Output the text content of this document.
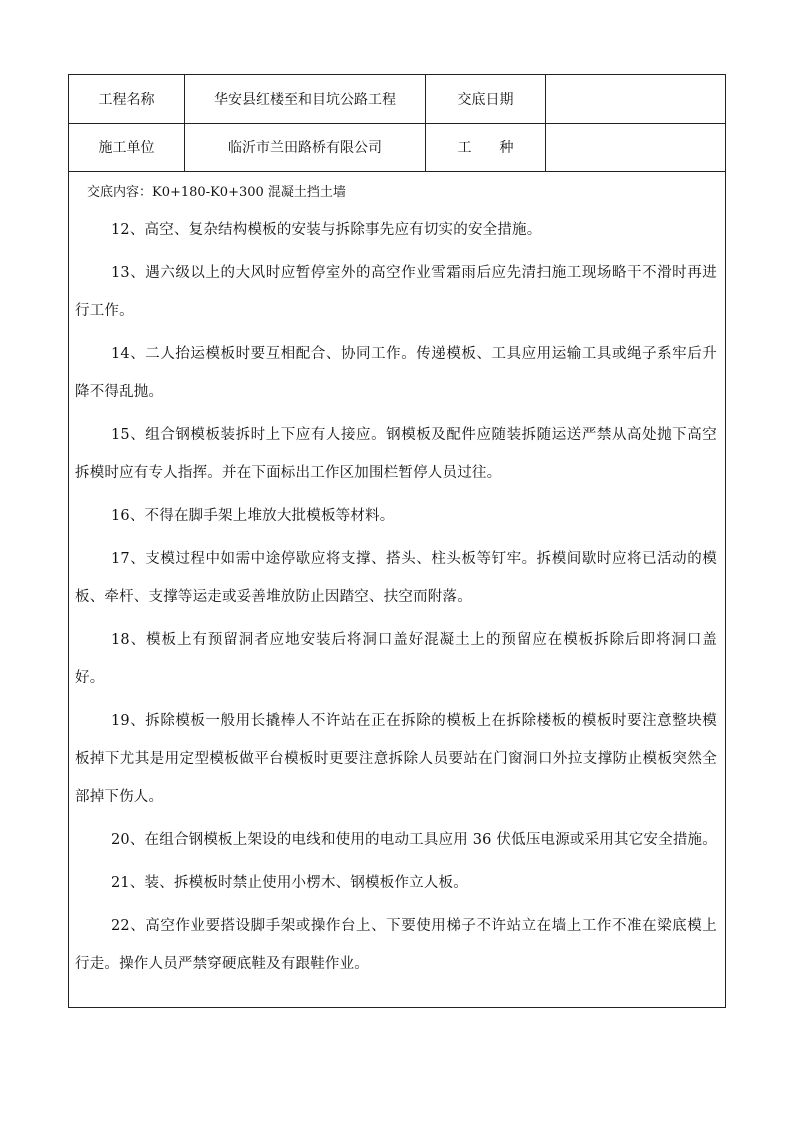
工程名称	华安县红楼至和目坑公路工程	交底日期
施工单位	临沂市兰田路桥有限公司	工　　种
交底内容：K0+180-K0+300 混凝土挡土墙

12、高空、复杂结构模板的安装与拆除事先应有切实的安全措施。

13、遇六级以上的大风时应暂停室外的高空作业雪霜雨后应先清扫施工现场略干不滑时再进行工作。

14、二人抬运模板时要互相配合、协同工作。传递模板、工具应用运输工具或绳子系牢后升降不得乱抛。

15、组合钢模板装拆时上下应有人接应。钢模板及配件应随装拆随运送严禁从高处抛下高空拆模时应有专人指挥。并在下面标出工作区加围栏暂停人员过往。

16、不得在脚手架上堆放大批模板等材料。

17、支模过程中如需中途停歇应将支撑、搭头、柱头板等钉牢。拆模间歇时应将已活动的模板、牵杆、支撑等运走或妥善堆放防止因踏空、扶空而附落。

18、模板上有预留洞者应地安装后将洞口盖好混凝土上的预留应在模板拆除后即将洞口盖好。

19、拆除模板一般用长撬棒人不许站在正在拆除的模板上在拆除楼板的模板时要注意整块模板掉下尤其是用定型模板做平台模板时更要注意拆除人员要站在门窗洞口外拉支撑防止模板突然全部掉下伤人。

20、在组合钢模板上架设的电线和使用的电动工具应用 36 伏低压电源或采用其它安全措施。

21、装、拆模板时禁止使用小楞木、钢模板作立人板。

22、高空作业要搭设脚手架或操作台上、下要使用梯子不许站立在墙上工作不准在梁底模上行走。操作人员严禁穿硬底鞋及有跟鞋作业。
